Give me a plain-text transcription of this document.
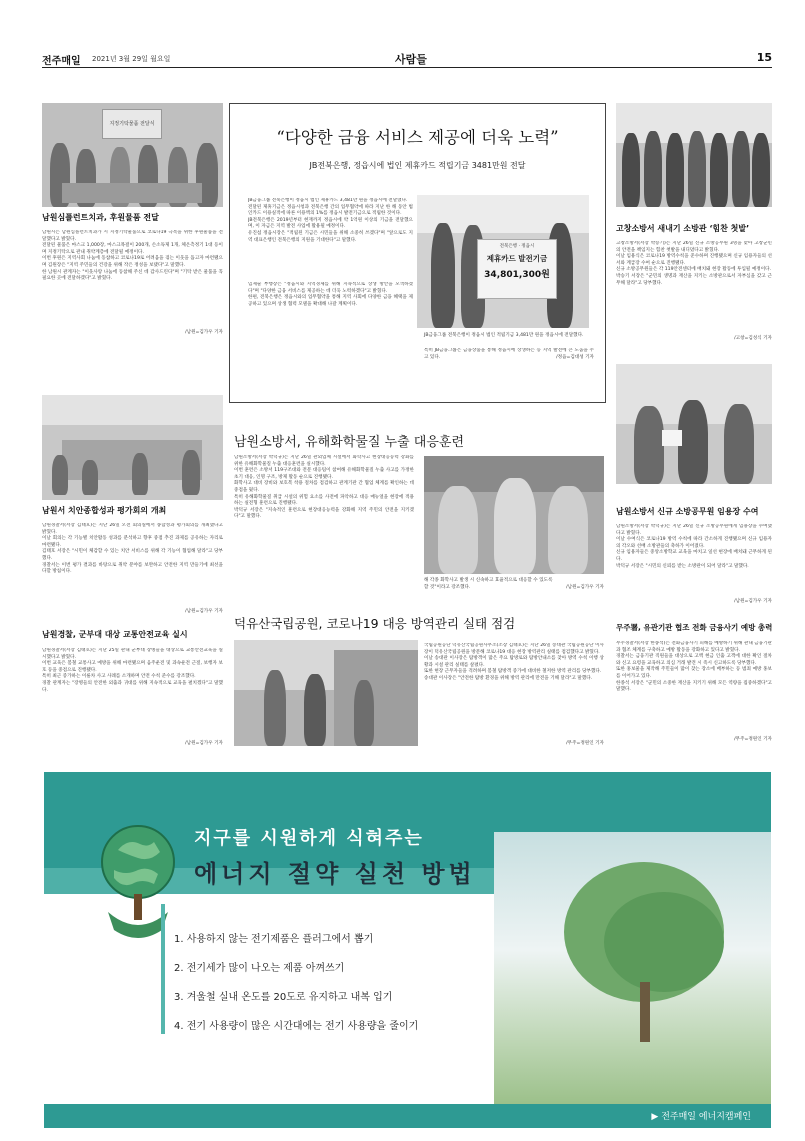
전주매일 2021년 3월 29일 월요일	사람들	15
지정기탁물품 전달식
남원심플런트치과, 후원물품 전달
남원시는 남원심플런트치과가 시 지정기탁물품으로 코로나19 극복을 위한 후원물품을 전달했다고 밝혔다.
전달된 물품은 마스크 1,000장, 마스크목걸이 200개, 손소독제 1개, 체온측정기 1대 등이며 지정기탁으로 관내 취약계층에 전달될 예정이다.
이번 후원은 지역사회 나눔에 동참하고 코로나19로 어려움을 겪는 이웃을 돕고자 마련됐으며 김원장은 "지역 주민들의 건강을 위해 작은 정성을 보탰다"고 말했다.
한 남원시 관계자는 "이웃사랑 나눔에 동참해 주신 데 감사드린다"며 "기탁 받은 물품을 꼭 필요한 곳에 전달하겠다"고 밝혔다.
/남원=김가우 기자
남원서 치안종합성과 평가회의 개최
남원경찰서(서장 김태호)는 지난 26일 오전 회의실에서 종합성과 평가회의를 개최했다고 밝혔다.
이날 회의는 각 기능별 치안활동 성과를 분석하고 향후 중점 추진 과제를 공유하는 자리로 마련됐다.
김태호 서장은 "시민이 체감할 수 있는 치안 서비스를 위해 각 기능이 협업해 달라"고 당부했다.
경찰서는 이번 평가 결과를 바탕으로 취약 분야를 보완하고 안전한 지역 만들기에 최선을 다할 방침이다.
/남원=김가우 기자
남원경찰, 군부대 대상 교통안전교육 실시
남원경찰서(서장 김태호)는 지난 25일 관내 군부대 장병들을 대상으로 교통안전교육을 실시했다고 밝혔다.
이번 교육은 봄철 교통사고 예방을 위해 마련됐으며 음주운전 및 과속운전 근절, 보행자 보호 등을 중점으로 진행됐다.
특히 최근 증가하는 이륜차 사고 사례를 소개하며 안전 수칙 준수를 강조했다.
경찰 관계자는 "장병들의 안전한 외출과 귀대를 위해 지속적으로 교육을 펼치겠다"고 말했다.
/남원=김가우 기자
“다양한 금융 서비스 제공에 더욱 노력”
JB전북은행, 정읍시에 법인 제휴카드 적립기금 3481만원 전달
JB금융그룹 전북은행이 정읍시 법인 제휴카드 3,481만 원을 정읍시에 전달했다.
전달된 제휴기금은 정읍시청과 전북은행 간의 업무협약에 따라 지난 한 해 동안 법인카드 이용실적에 따른 이용액의 1%를 정읍시 발전기금으로 적립한 것이다.
JB전북은행은 2019년부터 현재까지 정읍시에 약 1억원 이상의 기금을 전달했으며, 이 자금은 지역 발전 사업에 활용될 예정이다.
유진섭 정읍시장은 "적립된 기금은 시민들을 위해 소중히 쓰겠다"며 "앞으로도 지역 대표은행인 전북은행의 지원을 기대한다"고 말했다.
임제술 부행장은 "정읍시와 지역경제를 위해 지속적으로 상생 방안을 모색하겠다"며 "다양한 금융 서비스를 제공하는 데 더욱 노력하겠다"고 밝혔다.
한편, 전북은행은 정읍시와의 업무협약을 통해 지역 사회에 다양한 금융 혜택을 제공하고 있으며 상생 협력 모델을 확대해 나갈 계획이다.
전북은행 · 정읍시
제휴카드 발전기금
34,801,300원
JB금융그룹 전북은행이 정읍시 법인 적립기금 3,481만 원을 정읍시에 전달했다.
특히 JB금융그룹은 금융상품을 통해 정읍시에 상생하는 등 지역 발전에 큰 도움을 주고 있다.	/정읍=김대성 기자
남원소방서, 유해화학물질 누출 대응훈련
남원소방서(서장 박덕규)는 지난 26일 관외업체 시설에서 화학사고 현장대응능력 강화를 위한 유해화학물질 누출 대응훈련을 실시했다.
이번 훈련은 소방서 119구조대와 전문 대응팀이 참여해 유해화학물질 누출 사고를 가정한 초기 대응, 인명 구조, 방제 활동 순으로 진행됐다.
화학사고 대비 장비와 보호복 착용 절차를 점검하고 관계기관 간 협업 체계를 확인하는 데 중점을 뒀다.
특히 유해화학물질 취급 시설의 위험 요소를 사전에 파악하고 대응 매뉴얼을 현장에 적용하는 실전형 훈련으로 진행됐다.
박덕규 서장은 "지속적인 훈련으로 현장대응능력을 강화해 지역 주민의 안전을 지키겠다"고 말했다.
해 각종 화학사고 발생 시 신속하고 효율적으로 대응할 수 있도록 할 것"이라고 강조했다.	/남원=김가우 기자
덕유산국립공원, 코로나19 대응 방역관리 실태 점검
국립공원공단 덕유산국립공원사무소(소장 김태호)는 지난 26일 송대관 국립공원공단 이사장이 덕유산국립공원을 방문해 코로나19 대응 현장 방역관리 실태를 점검했다고 밝혔다.
이날 송대관 이사장은 탐방객이 많은 주요 탐방로와 탐방안내소를 찾아 방역 수칙 이행 상황과 시설 관리 실태를 살폈다.
또한 현장 근무자들을 격려하며 봄철 탐방객 증가에 대비한 철저한 방역 관리를 당부했다.
송대관 이사장은 "안전한 탐방 환경을 위해 방역 관리에 만전을 기해 달라"고 말했다.
/무주=정원인 기자
고창소방서 새내기 소방관 ‘힘찬 첫발’
고창소방서(서장 박승기)는 지난 26일 신규 소방공무원 3명을 맞아 고창군민의 안전을 책임지는 힘찬 첫발을 내디뎠다고 밝혔다.
이날 임용식은 코로나19 방역수칙을 준수하며 진행됐으며 신규 임용자들의 선서와 계급장 수여 순으로 진행됐다.
신규 소방공무원들은 각 119안전센터에 배치돼 현장 활동에 투입될 예정이다.
박승기 서장은 "군민의 생명과 재산을 지키는 소방관으로서 자부심을 갖고 근무해 달라"고 당부했다.
/고창=김성식 기자
남원소방서 신규 소방공무원 임용장 수여
남원소방서(서장 박덕규)는 지난 26일 신규 소방공무원에게 임용장을 수여했다고 밝혔다.
이날 수여식은 코로나19 방역 수칙에 따라 간소하게 진행됐으며 신규 임용자의 각오와 선배 소방관들의 축하가 이어졌다.
신규 임용자들은 중앙소방학교 교육을 마치고 일선 현장에 배치돼 근무하게 된다.
박덕규 서장은 "시민의 신뢰를 받는 소방관이 되어 달라"고 말했다.
/남원=김가우 기자
무주署, 유관기관 협조 전화 금융사기 예방 총력
무주경찰서(서장 한종석)는 전화금융사기 피해를 예방하기 위해 관내 금융기관과 협조 체계를 구축하고 예방 활동을 강화하고 있다고 밝혔다.
경찰서는 금융기관 직원들을 대상으로 고액 현금 인출 고객에 대한 확인 절차와 신고 요령을 교육하고 의심 거래 발견 시 즉시 신고하도록 당부했다.
또한 홍보물을 제작해 주민들이 많이 찾는 장소에 배부하는 등 범죄 예방 홍보를 이어가고 있다.
한종석 서장은 "군민의 소중한 재산을 지키기 위해 모든 역량을 집중하겠다"고 말했다.
/무주=정원인 기자
지구를 시원하게 식혀주는
에너지 절약 실천 방법
1. 사용하지 않는 전기제품은 플러그에서 뽑기
2. 전기세가 많이 나오는 제품 아껴쓰기
3. 겨울철 실내 온도를 20도로 유지하고 내복 입기
4. 전기 사용량이 많은 시간대에는 전기 사용량을 줄이기
▶ 전주매일 에너지캠페인
